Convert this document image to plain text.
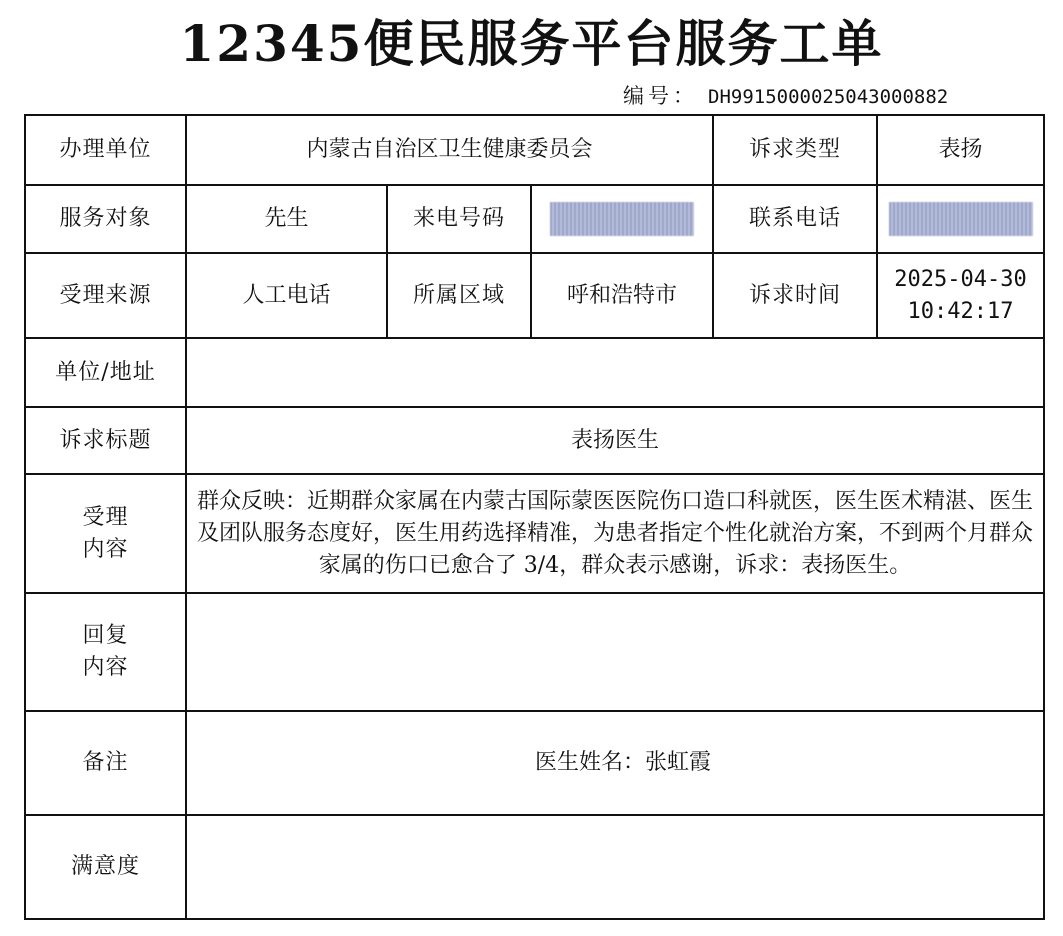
12345便民服务平台服务工单
编号： DH9915000025043000882
办理单位	内蒙古自治区卫生健康委员会			诉求类型	表扬
服务对象	先生	来电号码		联系电话	
受理来源	人工电话	所属区域	呼和浩特市	诉求时间	2025-04-30
10:42:17

单位/地址					
诉求标题	表扬医生				

受理
内容	群众反映：近期群众家属在内蒙古国际蒙医医院伤口造口科就医，医生医术精湛、医生及团队服务态度好，医生用药选择精准，为患者指定个性化就治方案，不到两个月群众家属的伤口已愈合了 3/4，群众表示感谢，诉求：表扬医生。				

回复
内容					

备注	医生姓名：张虹霞				
满意度					
